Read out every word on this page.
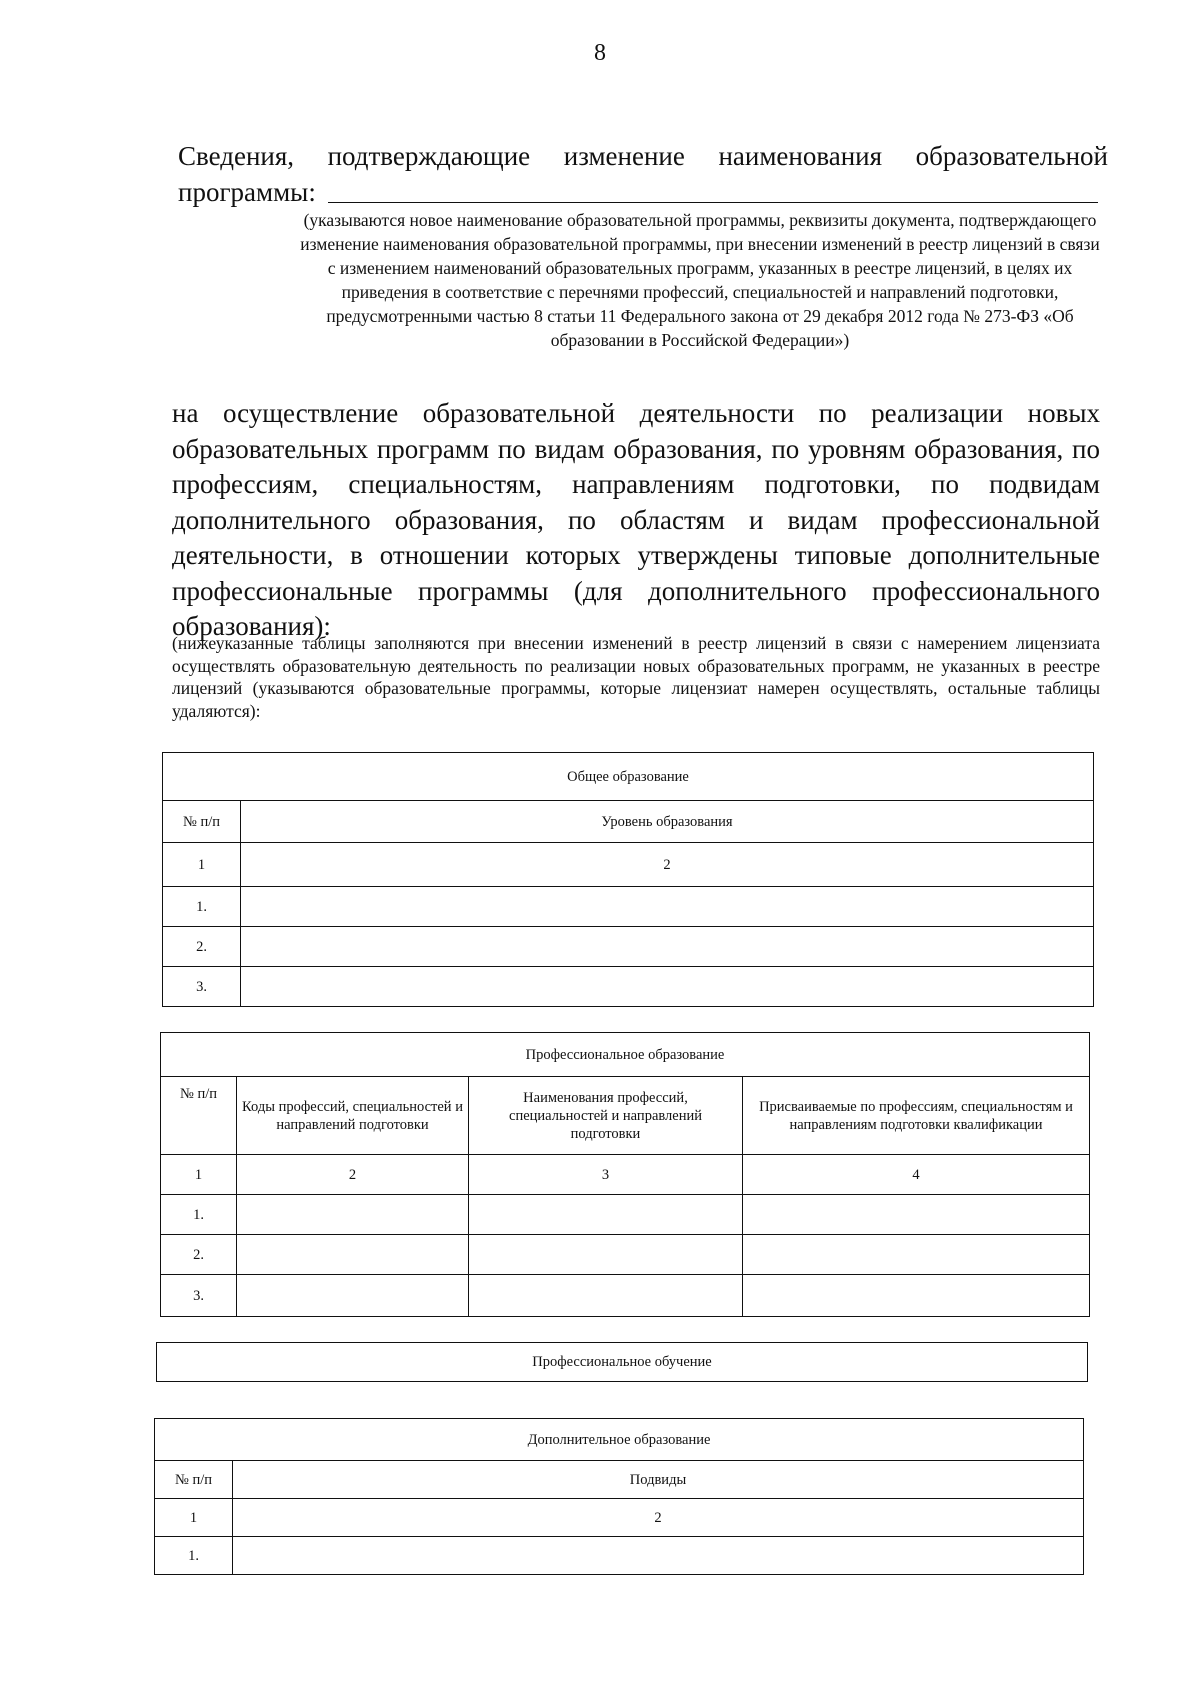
8
Сведения, подтверждающие изменение наименования образовательной программы:
(указываются новое наименование образовательной программы, реквизиты документа, подтверждающего изменение наименования образовательной программы, при внесении изменений в реестр лицензий в связи с изменением наименований образовательных программ, указанных в реестре лицензий, в целях их приведения в соответствие с перечнями профессий, специальностей и направлений подготовки, предусмотренными частью 8 статьи 11 Федерального закона от 29 декабря 2012 года № 273-ФЗ «Об образовании в Российской Федерации»)
на осуществление образовательной деятельности по реализации новых образовательных программ по видам образования, по уровням образования, по профессиям, специальностям, направлениям подготовки, по подвидам дополнительного образования, по областям и видам профессиональной деятельности, в отношении которых утверждены типовые дополнительные профессиональные программы (для дополнительного профессионального образования):
(нижеуказанные таблицы заполняются при внесении изменений в реестр лицензий в связи с намерением лицензиата осуществлять образовательную деятельность по реализации новых образовательных программ, не указанных в реестре лицензий (указываются образовательные программы, которые лицензиат намерен осуществлять, остальные таблицы удаляются):
Общее образование	
№ п/п	Уровень образования
1	2
1.	
2.	
3.	
Профессиональное образование			
№ п/п	Коды профессий, специальностей и направлений подготовки	Наименования профессий, специальностей и направлений подготовки	Присваиваемые по профессиям, специальностям и направлениям подготовки квалификации
1	2	3	4
1.			
2.			
3.			
Профессиональное обучение
Дополнительное образование	
№ п/п	Подвиды
1	2
1.	
